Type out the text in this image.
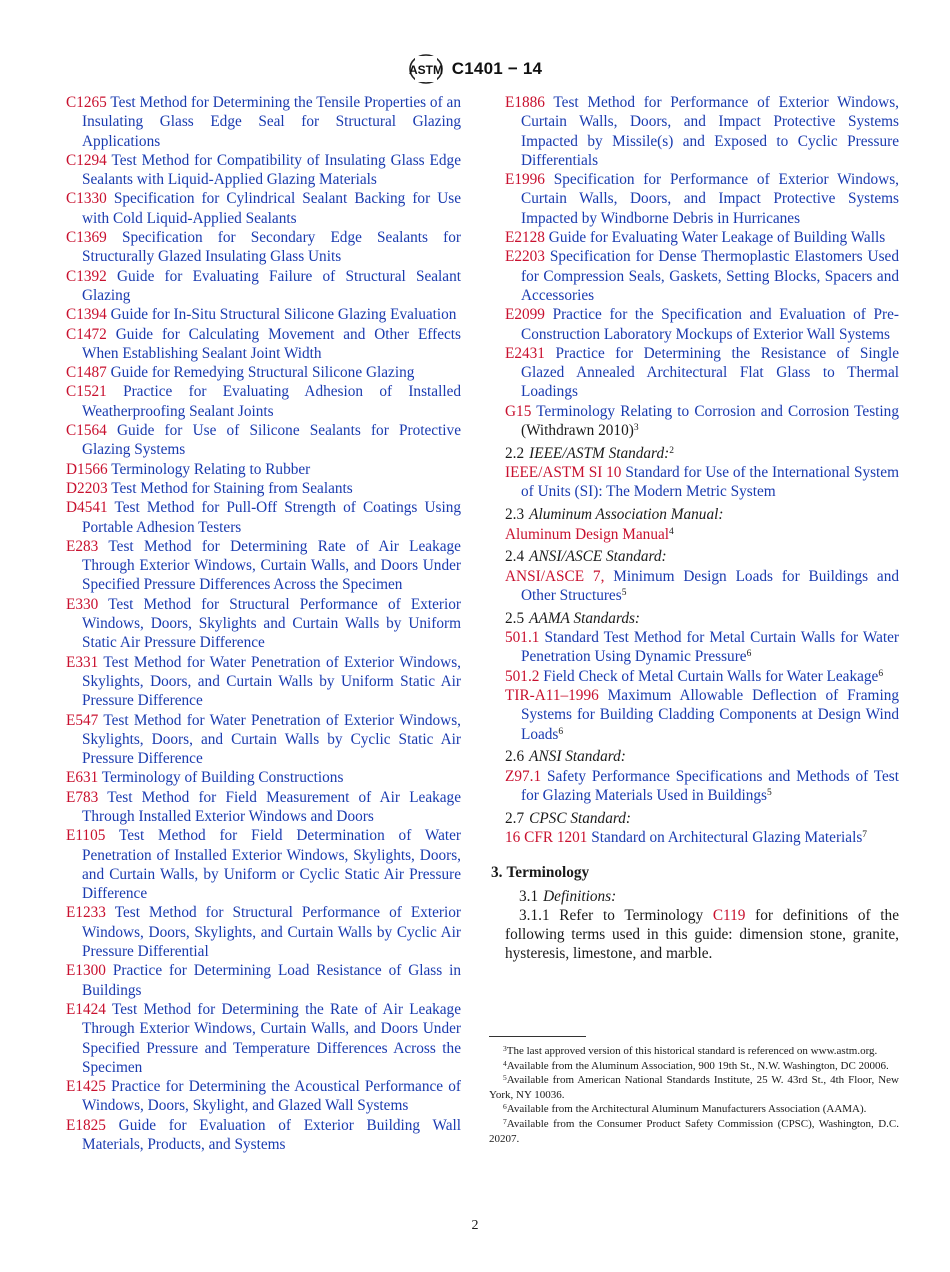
ASTM C1401 − 14

C1265 Test Method for Determining the Tensile Properties of an Insulating Glass Edge Seal for Structural Glazing Applications

C1294 Test Method for Compatibility of Insulating Glass Edge Sealants with Liquid-Applied Glazing Materials

C1330 Specification for Cylindrical Sealant Backing for Use with Cold Liquid-Applied Sealants

C1369 Specification for Secondary Edge Sealants for Structurally Glazed Insulating Glass Units

C1392 Guide for Evaluating Failure of Structural Sealant Glazing

C1394 Guide for In-Situ Structural Silicone Glazing Evaluation

C1472 Guide for Calculating Movement and Other Effects When Establishing Sealant Joint Width

C1487 Guide for Remedying Structural Silicone Glazing

C1521 Practice for Evaluating Adhesion of Installed Weatherproofing Sealant Joints

C1564 Guide for Use of Silicone Sealants for Protective Glazing Systems

D1566 Terminology Relating to Rubber

D2203 Test Method for Staining from Sealants

D4541 Test Method for Pull-Off Strength of Coatings Using Portable Adhesion Testers

E283 Test Method for Determining Rate of Air Leakage Through Exterior Windows, Curtain Walls, and Doors Under Specified Pressure Differences Across the Specimen

E330 Test Method for Structural Performance of Exterior Windows, Doors, Skylights and Curtain Walls by Uniform Static Air Pressure Difference

E331 Test Method for Water Penetration of Exterior Windows, Skylights, Doors, and Curtain Walls by Uniform Static Air Pressure Difference

E547 Test Method for Water Penetration of Exterior Windows, Skylights, Doors, and Curtain Walls by Cyclic Static Air Pressure Difference

E631 Terminology of Building Constructions

E783 Test Method for Field Measurement of Air Leakage Through Installed Exterior Windows and Doors

E1105 Test Method for Field Determination of Water Penetration of Installed Exterior Windows, Skylights, Doors, and Curtain Walls, by Uniform or Cyclic Static Air Pressure Difference

E1233 Test Method for Structural Performance of Exterior Windows, Doors, Skylights, and Curtain Walls by Cyclic Air Pressure Differential

E1300 Practice for Determining Load Resistance of Glass in Buildings

E1424 Test Method for Determining the Rate of Air Leakage Through Exterior Windows, Curtain Walls, and Doors Under Specified Pressure and Temperature Differences Across the Specimen

E1425 Practice for Determining the Acoustical Performance of Windows, Doors, Skylight, and Glazed Wall Systems

E1825 Guide for Evaluation of Exterior Building Wall Materials, Products, and Systems

E1886 Test Method for Performance of Exterior Windows, Curtain Walls, Doors, and Impact Protective Systems Impacted by Missile(s) and Exposed to Cyclic Pressure Differentials

E1996 Specification for Performance of Exterior Windows, Curtain Walls, Doors, and Impact Protective Systems Impacted by Windborne Debris in Hurricanes

E2128 Guide for Evaluating Water Leakage of Building Walls

E2203 Specification for Dense Thermoplastic Elastomers Used for Compression Seals, Gaskets, Setting Blocks, Spacers and Accessories

E2099 Practice for the Specification and Evaluation of Pre-Construction Laboratory Mockups of Exterior Wall Systems

E2431 Practice for Determining the Resistance of Single Glazed Annealed Architectural Flat Glass to Thermal Loadings

G15 Terminology Relating to Corrosion and Corrosion Testing (Withdrawn 2010)$^3$

2.2 IEEE/ASTM Standard:$^2$

IEEE/ASTM SI 10 Standard for Use of the International System of Units (SI): The Modern Metric System

2.3 Aluminum Association Manual:

Aluminum Design Manual$^4$

2.4 ANSI/ASCE Standard:

ANSI/ASCE 7, Minimum Design Loads for Buildings and Other Structures$^5$

2.5 AAMA Standards:

501.1 Standard Test Method for Metal Curtain Walls for Water Penetration Using Dynamic Pressure$^6$

501.2 Field Check of Metal Curtain Walls for Water Leakage$^6$

TIR-A11–1996 Maximum Allowable Deflection of Framing Systems for Building Cladding Components at Design Wind Loads$^6$

2.6 ANSI Standard:

Z97.1 Safety Performance Specifications and Methods of Test for Glazing Materials Used in Buildings$^5$

2.7 CPSC Standard:

16 CFR 1201 Standard on Architectural Glazing Materials$^7$

3. Terminology

3.1 Definitions:

3.1.1 Refer to Terminology C119 for definitions of the following terms used in this guide: dimension stone, granite, hysteresis, limestone, and marble.

$^3$The last approved version of this historical standard is referenced on www.astm.org.

$^4$Available from the Aluminum Association, 900 19th St., N.W. Washington, DC 20006.

$^5$Available from American National Standards Institute, 25 W. 43rd St., 4th Floor, New York, NY 10036.

$^6$Available from the Architectural Aluminum Manufacturers Association (AAMA).

$^7$Available from the Consumer Product Safety Commission (CPSC), Washington, D.C. 20207.

2
